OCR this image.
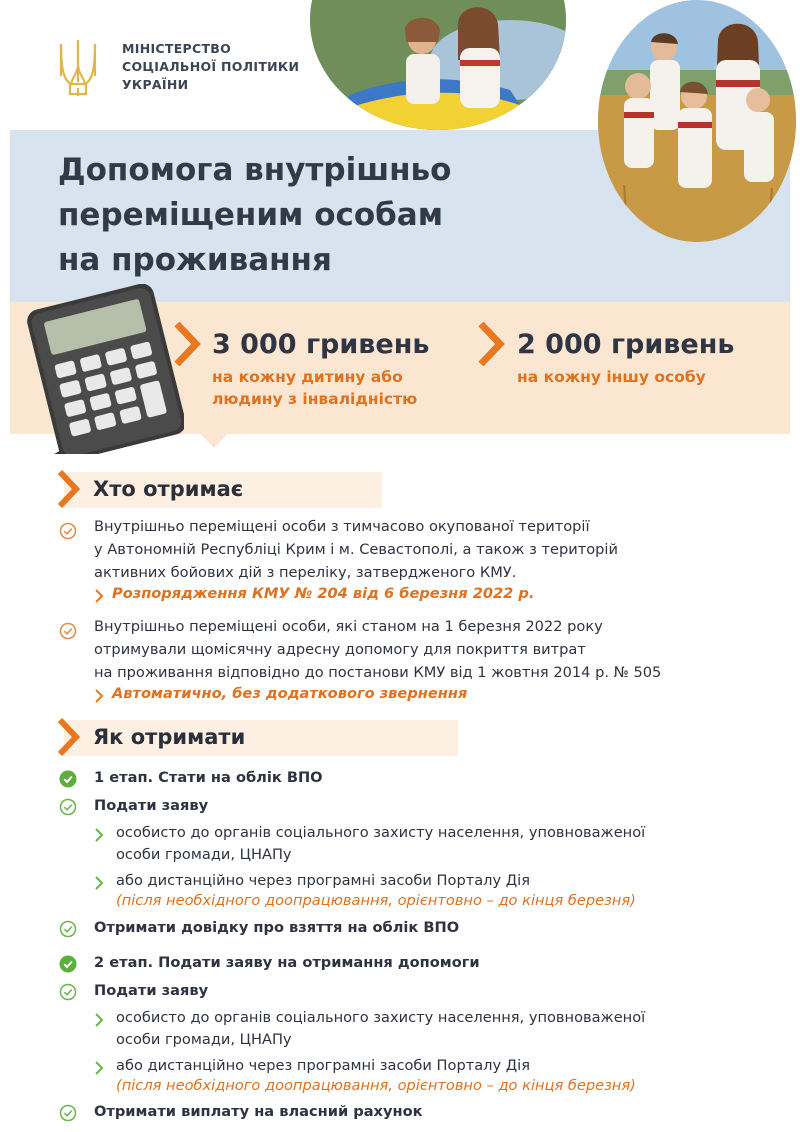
МІНІСТЕРСТВО
СОЦІАЛЬНОЇ ПОЛІТИКИ
УКРАЇНИ
Допомога внутрішньо
переміщеним особам
на проживання
3 000 гривень
на кожну дитину або
людину з інвалідністю
2 000 гривень
на кожну іншу особу
Хто отримає
Внутрішньо переміщені особи з тимчасово окупованої території
у Автономній Республіці Крим і м. Севастополі, а також з територій
активних бойових дій з переліку, затвердженого КМУ.
Розпорядження КМУ № 204 від 6 березня 2022 р.
Внутрішньо переміщені особи, які станом на 1 березня 2022 року
отримували щомісячну адресну допомогу для покриття витрат
на проживання відповідно до постанови КМУ від 1 жовтня 2014 р. № 505
Автоматично, без додаткового звернення
Як отримати
1 етап. Стати на облік ВПО
Подати заяву
особисто до органів соціального захисту населення, уповноваженої
особи громади, ЦНАПу
або дистанційно через програмні засоби Порталу Дія
(після необхідного доопрацювання, орієнтовно – до кінця березня)
Отримати довідку про взяття на облік ВПО
2 етап. Подати заяву на отримання допомоги
Подати заяву
особисто до органів соціального захисту населення, уповноваженої
особи громади, ЦНАПу
або дистанційно через програмні засоби Порталу Дія
(після необхідного доопрацювання, орієнтовно – до кінця березня)
Отримати виплату на власний рахунок
